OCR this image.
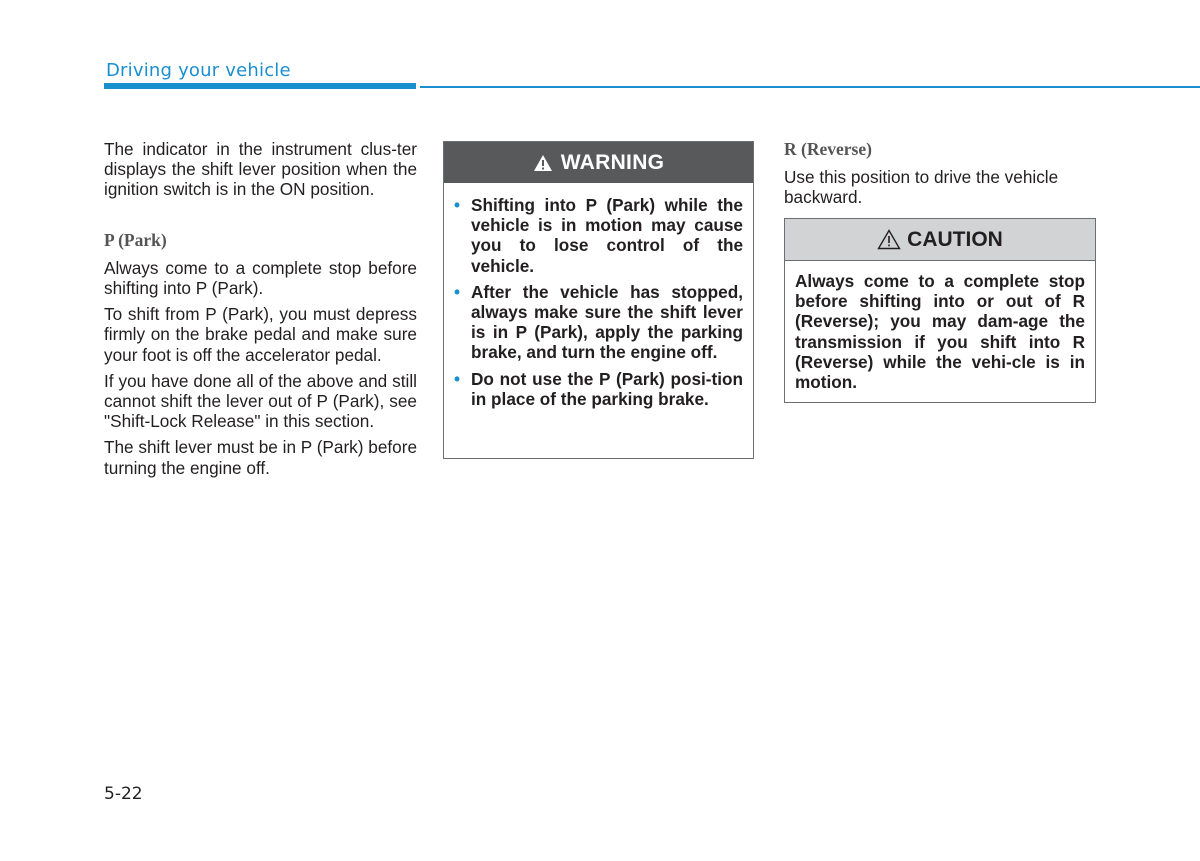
Driving your vehicle

The indicator in the instrument clus-ter displays the shift lever position when the ignition switch is in the ON position.

P (Park)

Always come to a complete stop before shifting into P (Park).

To shift from P (Park), you must depress firmly on the brake pedal and make sure your foot is off the accelerator pedal.

If you have done all of the above and still cannot shift the lever out of P (Park), see "Shift-Lock Release" in this section.

The shift lever must be in P (Park) before turning the engine off.

WARNING
• Shifting into P (Park) while the vehicle is in motion may cause you to lose control of the vehicle.
• After the vehicle has stopped, always make sure the shift lever is in P (Park), apply the parking brake, and turn the engine off.
• Do not use the P (Park) posi-tion in place of the parking brake.
R (Reverse)

Use this position to drive the vehicle backward.

CAUTION
Always come to a complete stop before shifting into or out of R (Reverse); you may dam-age the transmission if you shift into R (Reverse) while the vehi-cle is in motion.
5-22
